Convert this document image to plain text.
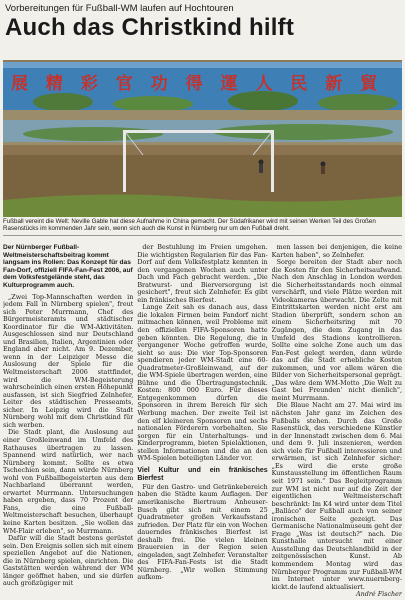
Vorbereitungen für Fußball-WM laufen auf Hochtouren
Auch das Christkind hilft
展 精 彩 官 功 得 運 人 民 新 貿
Fußball vereint die Welt: Neville Gable hat diese Aufnahme in China gemacht. Der Südafrikaner wird mit seinen Werken Teil des Großen Rasenstücks im kommenden Jahr sein, wenn sich auch die Kunst in Nürnberg nur um den Fußball dreht.
Der Nürnberger Fußball-Weltmeisterschaftsbeitrag kommt langsam ins Rollen: Das Konzept für das Fan-Dorf, offiziell FIFA-Fan-Fest 2006, auf dem Volksfestgelände steht, das Kulturprogramm auch.

„Zwei Top-Mannschaften werden in jedem Fall in Nürnberg spielen", freut sich Peter Murrmann, Chef des Bürgermeisteramts und städtischer Koordinator für die WM-Aktivitäten. Ausgeschlossen sind nur Deutschland und Brasilien, Italien, Argentinien oder England aber nicht. Am 9. Dezember, wenn in der Leipziger Messe die Auslosung der Spiele für die Weltmeisterschaft 2006 stattfindet, wird die WM-Begeisterung wahrscheinlich einen ersten Höhepunkt ausfassen, ist sich Siegfried Zelnhefer, Leiter des städtischen Presseamts, sicher. In Leipzig wird die Stadt Nürnberg wohl mit dem Christkind für sich werben.

Die Stadt plant, die Auslosung auf einer Großleinwand im Umfeld des Rathauses übertragen zu lassen. Spannend wird natürlich, wer nach Nürnberg kommt. Sollte es etwa Tschechien sein, dann würde Nürnberg wohl von Fußballbegeisterten aus dem Nachbarland überrannt werden, erwartet Murrmann. Untersuchungen haben ergeben, dass 70 Prozent der Fans, die eine Fußball-Weltmeisterschaft besuchen, überhaupt keine Karten besitzen. „Sie wollen das WM-Flair erleben", so Murrmann.

Dafür will die Stadt bestens gerüstet sein. Den Ereignis sollen sich mit einem speziellen Angebot auf die Nationen, die in Nürnberg spielen, einrichten. Die Gaststätten werden während der WM länger geöffnet haben, und sie dürfen auch großzügiger mit

der Bestuhlung im Freien umgehen. Die wichtigsten Regularien für das Fan-Dorf auf dem Volksfestplatz kennten in den vergangenen Wochen auch unter Dach und Fach gebracht werden. „Die Bratwurst- und Bierversorgung ist gesichert", freut sich Zelnhefer. Es gibt ein fränkisches Bierfest.

Lange Zeit sah es danach aus, dass die lokalen Firmen beim Fandorf nicht mitmachen können, weil Probleme mit den offiziellen FIFA-Sponsoren hatte geben könnten. Die Regelung, die in vergangener Woche getroffen wurde, sieht so aus: Die vier Top-Sponsoren spendieren jeder WM-Stadt eine 60-Quadratmeter-Großleinwand, auf der die WM-Spiele übertragen werden, eine Bühne und die Übertragungstechnik. Kosten: 800 000 Euro. Für dieses Entgegenkommen dürfen die Sponsoren in ihrem Bereich für sich Werbung machen. Der zweite Teil ist den elf kleineren Sponsoren und sechs nationalen Förderern vorbehalten. Sie sorgen für ein Unterhaltungs- und Kinderprogramm, bieten Spielaktionen, stellen Informationen und die an den WM-Spielen beteiligten Länder vor.

Viel Kultur und ein fränkisches Bierfest

Für den Gastro- und Getränkebereich haben die Städte kaum Auflagen. Der amerikanische Biertraum Anheuser-Busch gibt sich mit einem 25 Quadratmeter großen Verkaufsstand zufrieden. Der Platz für ein von Wochen dauerndes fränkisches Bierfest ist deshalb frei. Die vielen kleinen Brauereien in der Region seien eingeladen, sagt Zelnhefer. Veranstalter des FIFA-Fan-Fests ist die Stadt Nürnberg. „Wir wollen Stimmung aufkom-

men lassen bei denjenigen, die keine Karten haben", so Zelnhefer.

Sorge bereiten der Stadt aber noch die Kosten für den Sicherheitsaufwand. Nach den Anschlag in London werden die Sicherheitsstandards noch einmal verschärft, und viele Plätze werden mit Videokameras überwacht. Die Zelte mit Eintrittskarten werden nicht erst am Stadion überprüft, sondern schon an einem Sicherheitsring mit 70 Zugängen, die dem Zugang in das Umfeld des Stadions kontrollieren. Sollte eine solche Zone auch um das Fan-Fest gelegt werden, dann würde das auf die Stadt erhebliche Kosten zukommen, und vor allem wären die Bilder von Sicherheitspersonal geprägt. „Das wäre dem WM-Motto ‚Die Welt zu Gast bei Freunden' nicht dienlich", meint Murrmann.

Die Blaue Nacht am 27. Mai wird im nächsten Jahr ganz im Zeichen des Fußballs stehen. Durch das Große Rasenstück, das verschiedene Künstler in der Innenstadt zwischen dem 6. Mai und dem 9. Juli inszenieren, werden sich viele für Fußball interessieren und erwärmen, ist sich Zelnhefer sicher: „Es wird die erste große Kunstausstellung im öffentlichen Raum seit 1971 sein." Das Begleitprogramm zur WM ist nicht nur auf die Zeit der eigentlichen Weltmeisterschaft beschränkt: Im K4 wird unter dem Titel „Balláco" der Fußball auch von seiner ironischen Seite gezeigt. Das Germanische Nationalmuseum geht der Frage „Was ist deutsch?" nach. Die Kunsthalle untersucht mit einer Ausstellung das Deutschlandbild in der zeitgenössischen Kunst. Ab kommendem Montag wird das Nürnberger Programm zur Fußball-WM im Internet unter www.nuernberg-kickt.de laufend aktualisiert.

André Fischer
